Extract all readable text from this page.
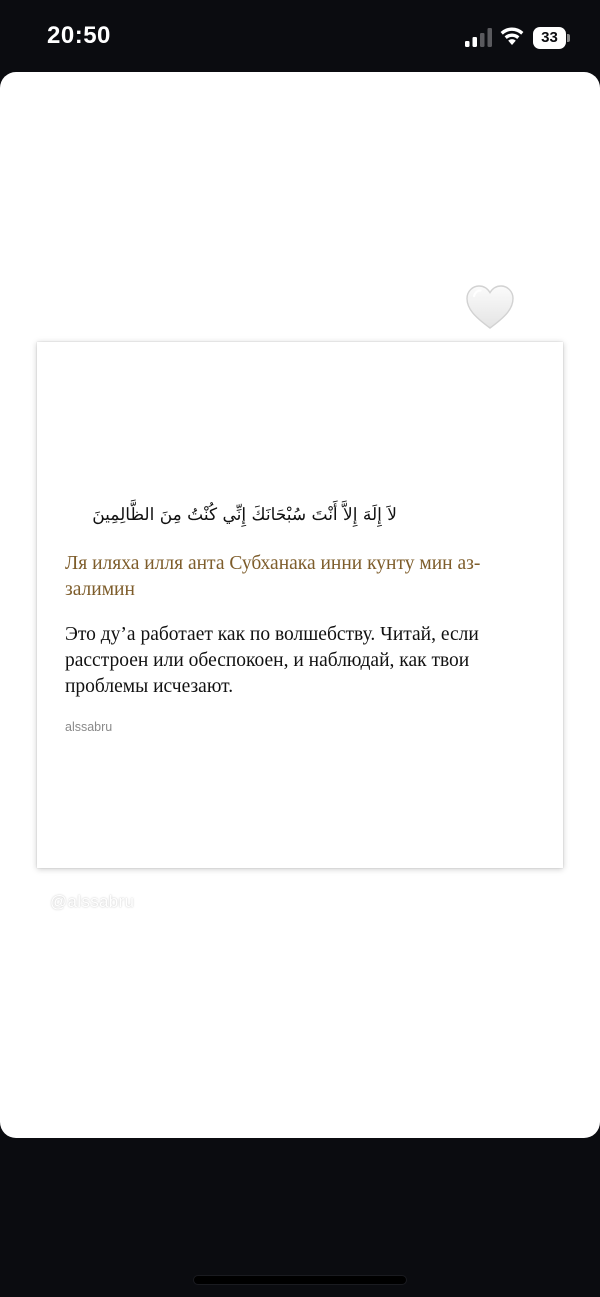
20:50	33
لاَ إِلَهَ إِلاَّ أَنْتَ سُبْحَانَكَ إِنِّي كُنْتُ مِنَ الظَّالِمِينَ
Ля иляха илля анта Субханака инни кунту мин аз-залимин
Это ду’а работает как по волшебству. Читай, если расстроен или обеспокоен, и наблюдай, как твои проблемы исчезают.
alssabru
@alssabru
